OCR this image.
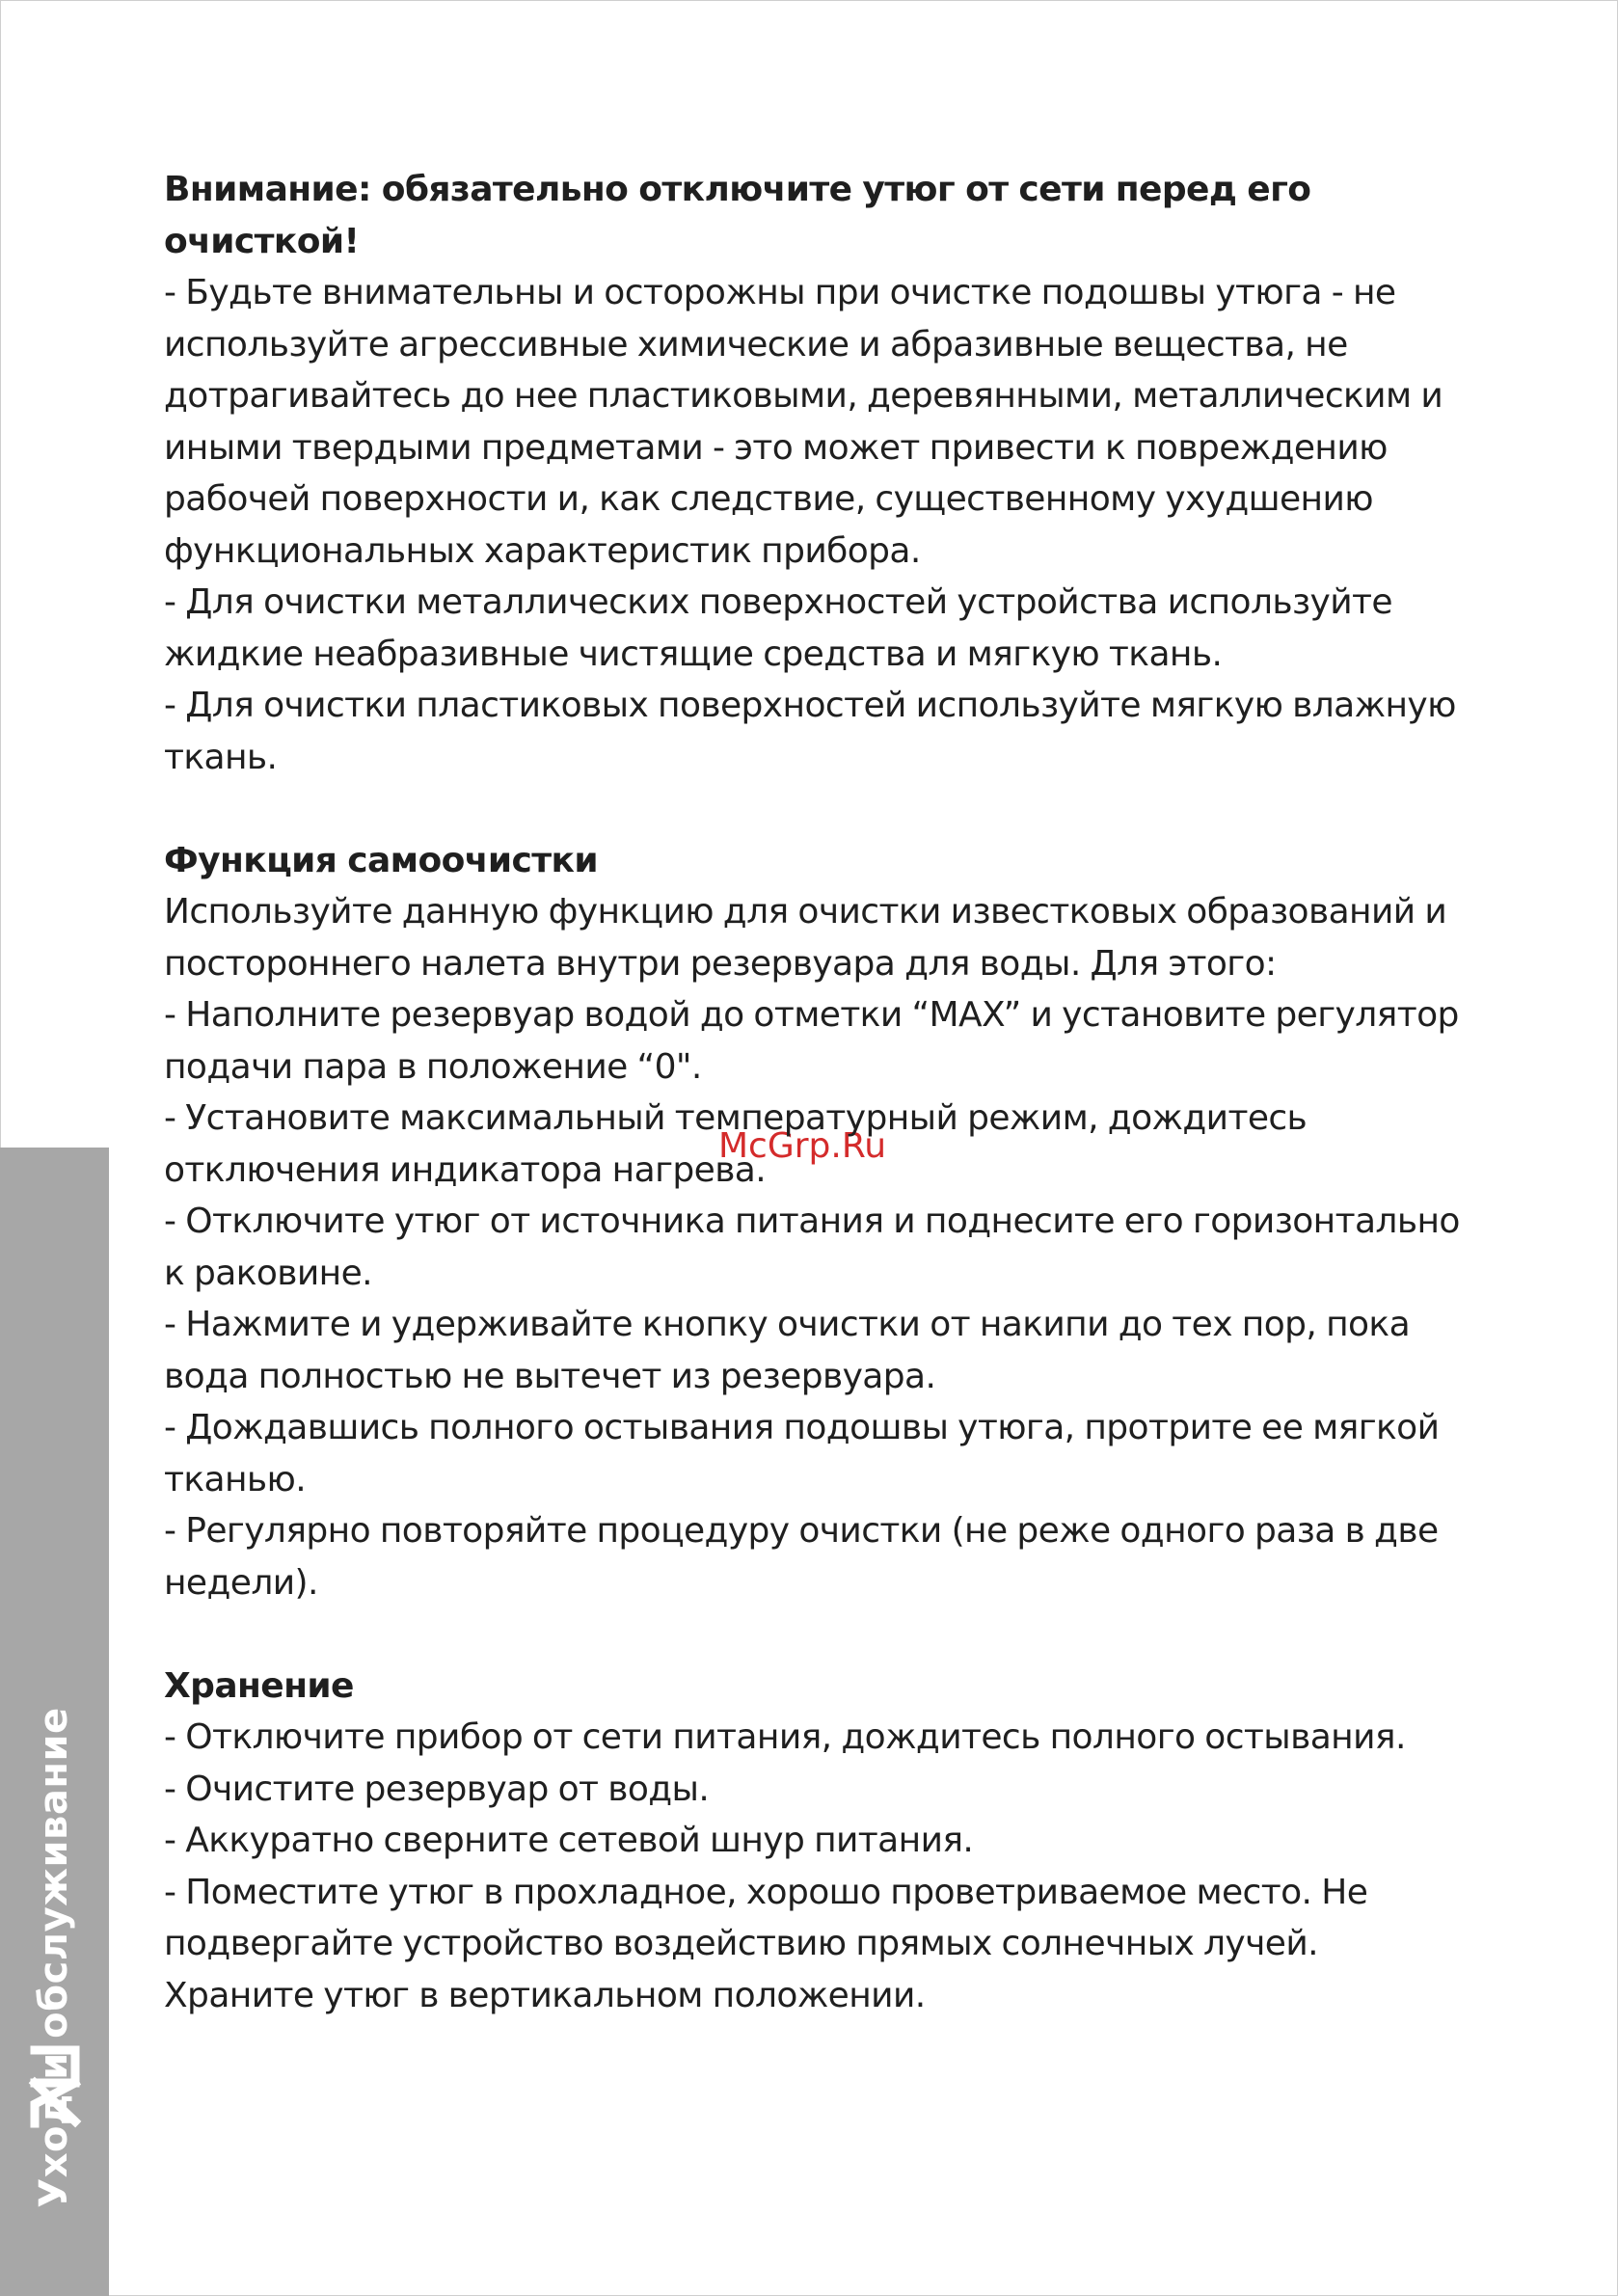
Уход и обслуживание
McGrp.Ru

Внимание: обязательно отключите утюг от сети перед его очисткой!

- Будьте внимательны и осторожны при очистке подошвы утюга - не используйте агрессивные химические и абразивные вещества, не дотрагивайтесь до нее пластиковыми, деревянными, металлическим и иными твердыми предметами - это может привести к повреждению рабочей поверхности и, как следствие, существенному ухудшению функциональных характеристик прибора.

- Для очистки металлических поверхностей устройства используйте жидкие неабразивные чистящие средства и мягкую ткань.

- Для очистки пластиковых поверхностей используйте мягкую влажную ткань.

Функция самоочистки

Используйте данную функцию для очистки известковых образований и постороннего налета внутри резервуара для воды. Для этого:

- Наполните резервуар водой до отметки “MAX” и установите регулятор подачи пара в положение “0".

- Установите максимальный температурный режим, дождитесь отключения индикатора нагрева.

- Отключите утюг от источника питания и поднесите его горизонтально к раковине.

- Нажмите и удерживайте кнопку очистки от накипи до тех пор, пока вода полностью не вытечет из резервуара.

- Дождавшись полного остывания подошвы утюга, протрите ее мягкой тканью.

- Регулярно повторяйте процедуру очистки (не реже одного раза в две недели).

Хранение

- Отключите прибор от сети питания, дождитесь полного остывания.

- Очистите резервуар от воды.

- Аккуратно сверните сетевой шнур питания.

- Поместите утюг в прохладное, хорошо проветриваемое место. Не подвергайте устройство воздействию прямых солнечных лучей. Храните утюг в вертикальном положении.
